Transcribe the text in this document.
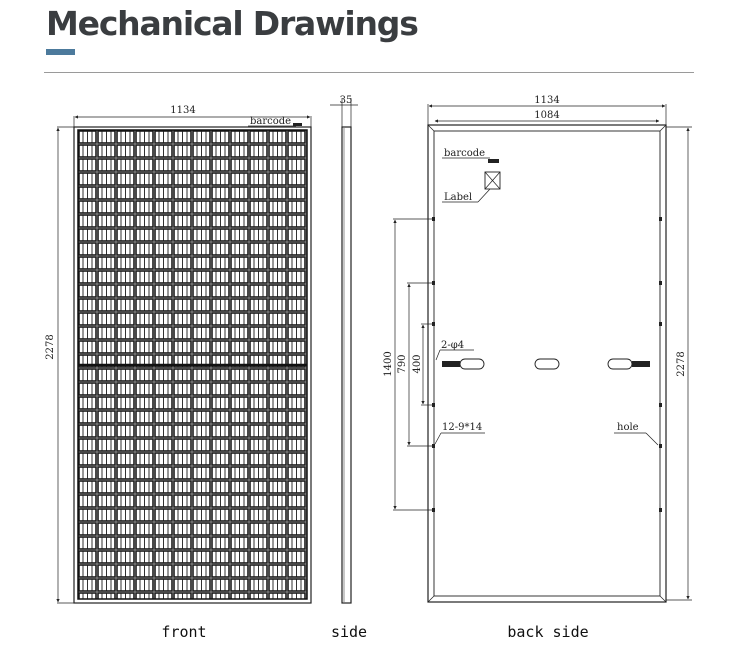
Mechanical Drawings
1134
barcode
2278
front
35
side
1134
1084
2278
barcode
Label
1400 790 400
2-φ4
12-9*14	hole
back side
